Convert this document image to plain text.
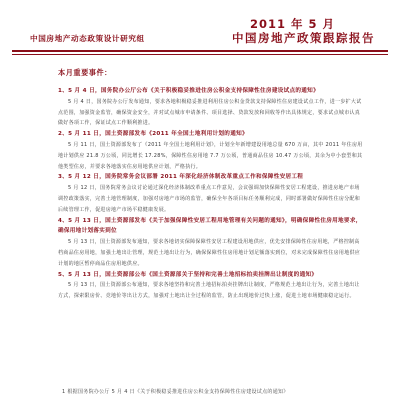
中国房地产动态政策设计研究组
2011 年 5 月
中国房地产政策跟踪报告
本月重要事件：

1、5 月 4 日，国务院办公厅公布《关于积极稳妥推进住房公积金支持保障性住房建设试点的通知》

5 月 4 日，国务院办公厅发布通知，要求各地积极稳妥推进利用住房公积金贷款支持保障性住房建设试点工作，进一步扩大试点范围，加强资金监管，确保资金安全，并对试点城市申请条件、项目选择、贷款发放和回收等作出具体规定，要求试点城市认真做好各项工作，保证试点工作顺利推进。

2、5 月 11 日，国土资源部发布《2011 年全国土地利用计划的通知》

5 月 11 日，国土资源部发布了《2011 年全国土地利用计划》，计划全年新增建设用地总量 670 万亩，其中 2011 年住房用地计划供应 21.8 万公顷，同比增长 17.28%，保障性住房用地 7.7 万公顷，普通商品住房 10.47 万公顷，其余为中小套型和其他类型住房，并要求各地落实住房用地供应计划，严格执行。

3、5 月 12 日，国务院常务会议部署 2011 年深化经济体制改革重点工作和保障性安居工程

5 月 12 日，国务院常务会议讨论通过深化经济体制改革重点工作意见，会议强调加快保障性安居工程建设，推进房地产市场调控政策落实，完善土地管理制度，加强对房地产市场的监管，确保全年各项目标任务顺利完成，同时部署做好保障性住房分配和后续管理工作，促进房地产市场平稳健康发展。

4、5 月 13 日，国土资源部发布《关于加强保障性安居工程用地管理有关问题的通知》，明确保障性住房用地要求，确保用地计划落实到位

5 月 13 日，国土资源部发布通知，要求各地切实保障保障性安居工程建设用地供应，优先安排保障性住房用地，严格控制高档商品住房用地，加强土地出让管理，规范土地出让行为，确保保障性住房用地计划足额落实到位，对未完成保障性住房用地供应计划的地区暂停商品住房用地供应。

5、5 月 13 日，国土资源部公布《国土资源部关于坚持和完善土地招标拍卖挂牌出让制度的通知》

5 月 13 日，国土资源部公布通知，要求各地坚持和完善土地招标拍卖挂牌出让制度，严格规范土地出让行为，完善土地出让方式，探索限房价、竞地价等出让方式，加强对土地出让全过程的监管，防止出现地价过快上涨，促进土地市场健康稳定运行。

1 根据国务院办公厅 5 月 4 日《关于积极稳妥推进住房公积金支持保障性住房建设试点的通知》
